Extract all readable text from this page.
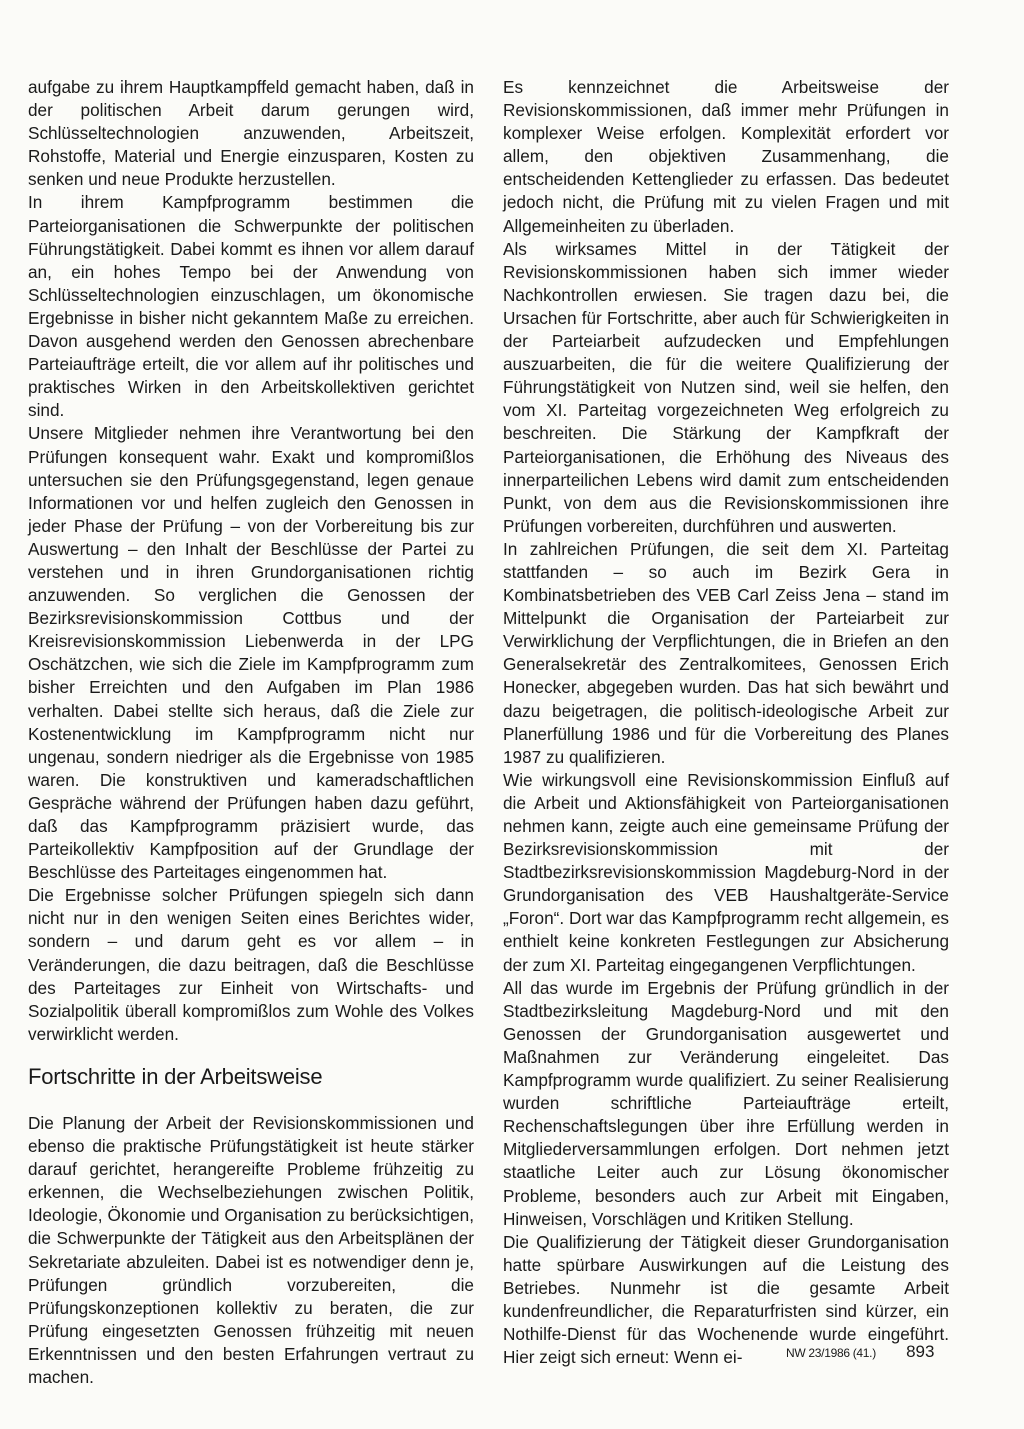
aufgabe zu ihrem Hauptkampffeld gemacht haben, daß in der politischen Arbeit darum gerungen wird, Schlüsseltechnologien anzuwenden, Arbeitszeit, Rohstoffe, Material und Energie einzusparen, Kosten zu senken und neue Produkte herzustellen.

In ihrem Kampfprogramm bestimmen die Parteiorganisationen die Schwerpunkte der politischen Führungstätigkeit. Dabei kommt es ihnen vor allem darauf an, ein hohes Tempo bei der Anwendung von Schlüsseltechnologien einzuschlagen, um ökonomische Ergebnisse in bisher nicht gekanntem Maße zu erreichen. Davon ausgehend werden den Genossen abrechenbare Parteiaufträge erteilt, die vor allem auf ihr politisches und praktisches Wirken in den Arbeitskollektiven gerichtet sind.

Unsere Mitglieder nehmen ihre Verantwortung bei den Prüfungen konsequent wahr. Exakt und kompromißlos untersuchen sie den Prüfungsgegenstand, legen genaue Informationen vor und helfen zugleich den Genossen in jeder Phase der Prüfung – von der Vorbereitung bis zur Auswertung – den Inhalt der Beschlüsse der Partei zu verstehen und in ihren Grundorganisationen richtig anzuwenden. So verglichen die Genossen der Bezirksrevisionskommission Cottbus und der Kreisrevisionskommission Liebenwerda in der LPG Oschätzchen, wie sich die Ziele im Kampfprogramm zum bisher Erreichten und den Aufgaben im Plan 1986 verhalten. Dabei stellte sich heraus, daß die Ziele zur Kostenentwicklung im Kampfprogramm nicht nur ungenau, sondern niedriger als die Ergebnisse von 1985 waren. Die konstruktiven und kameradschaftlichen Gespräche während der Prüfungen haben dazu geführt, daß das Kampfprogramm präzisiert wurde, das Parteikollektiv Kampfposition auf der Grundlage der Beschlüsse des Parteitages eingenommen hat.

Die Ergebnisse solcher Prüfungen spiegeln sich dann nicht nur in den wenigen Seiten eines Berichtes wider, sondern – und darum geht es vor allem – in Veränderungen, die dazu beitragen, daß die Beschlüsse des Parteitages zur Einheit von Wirtschafts- und Sozialpolitik überall kompromißlos zum Wohle des Volkes verwirklicht werden.

Fortschritte in der Arbeitsweise

Die Planung der Arbeit der Revisionskommissionen und ebenso die praktische Prüfungstätigkeit ist heute stärker darauf gerichtet, herangereifte Probleme frühzeitig zu erkennen, die Wechselbeziehungen zwischen Politik, Ideologie, Ökonomie und Organisation zu berücksichtigen, die Schwerpunkte der Tätigkeit aus den Arbeitsplänen der Sekretariate abzuleiten. Dabei ist es notwendiger denn je, Prüfungen gründlich vorzubereiten, die Prüfungskonzeptionen kollektiv zu beraten, die zur Prüfung eingesetzten Genossen frühzeitig mit neuen Erkenntnissen und den besten Erfahrungen vertraut zu machen.

Es kennzeichnet die Arbeitsweise der Revisionskommissionen, daß immer mehr Prüfungen in komplexer Weise erfolgen. Komplexität erfordert vor allem, den objektiven Zusammenhang, die entscheidenden Kettenglieder zu erfassen. Das bedeutet jedoch nicht, die Prüfung mit zu vielen Fragen und mit Allgemeinheiten zu überladen.

Als wirksames Mittel in der Tätigkeit der Revisionskommissionen haben sich immer wieder Nachkontrollen erwiesen. Sie tragen dazu bei, die Ursachen für Fortschritte, aber auch für Schwierigkeiten in der Parteiarbeit aufzudecken und Empfehlungen auszuarbeiten, die für die weitere Qualifizierung der Führungstätigkeit von Nutzen sind, weil sie helfen, den vom XI. Parteitag vorgezeichneten Weg erfolgreich zu beschreiten. Die Stärkung der Kampfkraft der Parteiorganisationen, die Erhöhung des Niveaus des innerparteilichen Lebens wird damit zum entscheidenden Punkt, von dem aus die Revisionskommissionen ihre Prüfungen vorbereiten, durchführen und auswerten.

In zahlreichen Prüfungen, die seit dem XI. Parteitag stattfanden – so auch im Bezirk Gera in Kombinatsbetrieben des VEB Carl Zeiss Jena – stand im Mittelpunkt die Organisation der Parteiarbeit zur Verwirklichung der Verpflichtungen, die in Briefen an den Generalsekretär des Zentralkomitees, Genossen Erich Honecker, abgegeben wurden. Das hat sich bewährt und dazu beigetragen, die politisch-ideologische Arbeit zur Planerfüllung 1986 und für die Vorbereitung des Planes 1987 zu qualifizieren.

Wie wirkungsvoll eine Revisionskommission Einfluß auf die Arbeit und Aktionsfähigkeit von Parteiorganisationen nehmen kann, zeigte auch eine gemeinsame Prüfung der Bezirksrevisionskommission mit der Stadtbezirksrevisionskommission Magdeburg-Nord in der Grundorganisation des VEB Haushaltgeräte-Service „Foron“. Dort war das Kampfprogramm recht allgemein, es enthielt keine konkreten Festlegungen zur Absicherung der zum XI. Parteitag eingegangenen Verpflichtungen.

All das wurde im Ergebnis der Prüfung gründlich in der Stadtbezirksleitung Magdeburg-Nord und mit den Genossen der Grundorganisation ausgewertet und Maßnahmen zur Veränderung eingeleitet. Das Kampfprogramm wurde qualifiziert. Zu seiner Realisierung wurden schriftliche Parteiaufträge erteilt, Rechenschaftslegungen über ihre Erfüllung werden in Mitgliederversammlungen erfolgen. Dort nehmen jetzt staatliche Leiter auch zur Lösung ökonomischer Probleme, besonders auch zur Arbeit mit Eingaben, Hinweisen, Vorschlägen und Kritiken Stellung.

Die Qualifizierung der Tätigkeit dieser Grundorganisation hatte spürbare Auswirkungen auf die Leistung des Betriebes. Nunmehr ist die gesamte Arbeit kundenfreundlicher, die Reparaturfristen sind kürzer, ein Nothilfe-Dienst für das Wochenende wurde eingeführt. Hier zeigt sich erneut: Wenn ei-	NW 23/1986 (41.) 893
